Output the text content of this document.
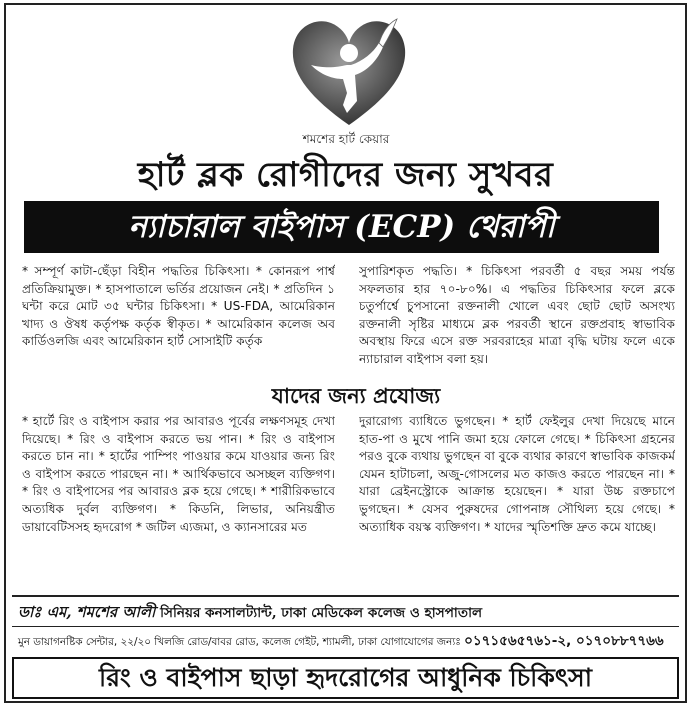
শমশের হার্ট কেয়ার
হার্ট ব্লক রোগীদের জন্য সুখবর
ন্যাচারাল বাইপাস (ECP) থেরাপী
* সম্পূর্ণ কাটা-ছেঁড়া বিহীন পদ্ধতির চিকিৎসা। * কোনরূপ পার্শ্ব প্রতিক্রিয়ামুক্ত। * হাসপাতালে ভর্তির প্রয়োজন নেই। * প্রতিদিন ১ ঘন্টা করে মোট ৩৫ ঘন্টার চিকিৎসা। * US-FDA, আমেরিকান খাদ্য ও ঔষধ কর্তৃপক্ষ কর্তৃক স্বীকৃত। * আমেরিকান কলেজ অব কার্ডিওলজি এবং আমেরিকান হার্ট সোসাইটি কর্তৃক
সুপারিশকৃত পদ্ধতি। * চিকিৎসা পরবর্তী ৫ বছর সময় পর্যন্ত সফলতার হার ৭০-৮০%। এ পদ্ধতির চিকিৎসার ফলে ব্লকে চতুর্পার্শ্বে চুপসানো রক্তনালী খোলে এবং ছোট ছোট অসংখ্য রক্তনালী সৃষ্টির মাধ্যমে ব্লক পরবর্তী স্থানে রক্তপ্রবাহ স্বাভাবিক অবস্থায় ফিরে এসে রক্ত সরবরাহের মাত্রা বৃদ্ধি ঘটায় ফলে একে ন্যাচারাল বাইপাস বলা হয়।
যাদের জন্য প্রযোজ্য
* হার্টে রিং ও বাইপাস করার পর আবারও পূর্বের লক্ষণসমূহ দেখা দিয়েছে। * রিং ও বাইপাস করতে ভয় পান। * রিং ও বাইপাস করতে চান না। * হার্টের পাম্পিং পাওয়ার কমে যাওয়ার জন্য রিং ও বাইপাস করতে পারছেন না। * আর্থিকভাবে অসচ্ছল ব্যক্তিগণ। * রিং ও বাইপাসের পর আবারও ব্লক হয়ে গেছে। * শারীরিকভাবে অত্যধিক দুর্বল ব্যক্তিগণ। * কিডনি, লিভার, অনিয়ন্ত্রীত ডায়াবেটিসসহ হৃদরোগ * জটিল এ্যজমা, ও ক্যানসারের মত
দুরারোগ্য ব্যাধিতে ভুগছেন। * হার্ট ফেইলুর দেখা দিয়েছে মানে হাত-পা ও মুখে পানি জমা হয়ে ফোলে গেছে। * চিকিৎসা গ্রহনের পরও বুকে ব্যথায় ভুগছেন বা বুকে ব্যথার কারণে স্বাভাবিক কাজকর্ম যেমন হাটাচলা, অজু-গোসলের মত কাজও করতে পারছেন না। * যারা ব্রেইনস্ট্রোকে আক্রান্ত হয়েছেন। * যারা উচ্চ রক্তচাপে ভুগছেন। * যেসব পুরুষদের গোপনাঙ্গ সৌথিল্য হয়ে গেছে। * অত্যাধিক বয়স্ক ব্যক্তিগণ। * যাদের স্মৃতিশক্তি দ্রুত কমে যাচ্ছে।
ডাঃ এম, শমশের আলী সিনিয়র কনসালট্যান্ট, ঢাকা মেডিকেল কলেজ ও হাসপাতাল
মুন ডায়াগনষ্টিক সেন্টার, ২২/২০ খিলজি রোড/বাবর রোড, কলেজ গেইট, শ্যামলী, ঢাকা যোগাযোগের জন্যঃ ০১৭১৫৬৫৭৬১-২, ০১৭০৮৮৭৭৬৬
রিং ও বাইপাস ছাড়া হৃদরোগের আধুনিক চিকিৎসা
